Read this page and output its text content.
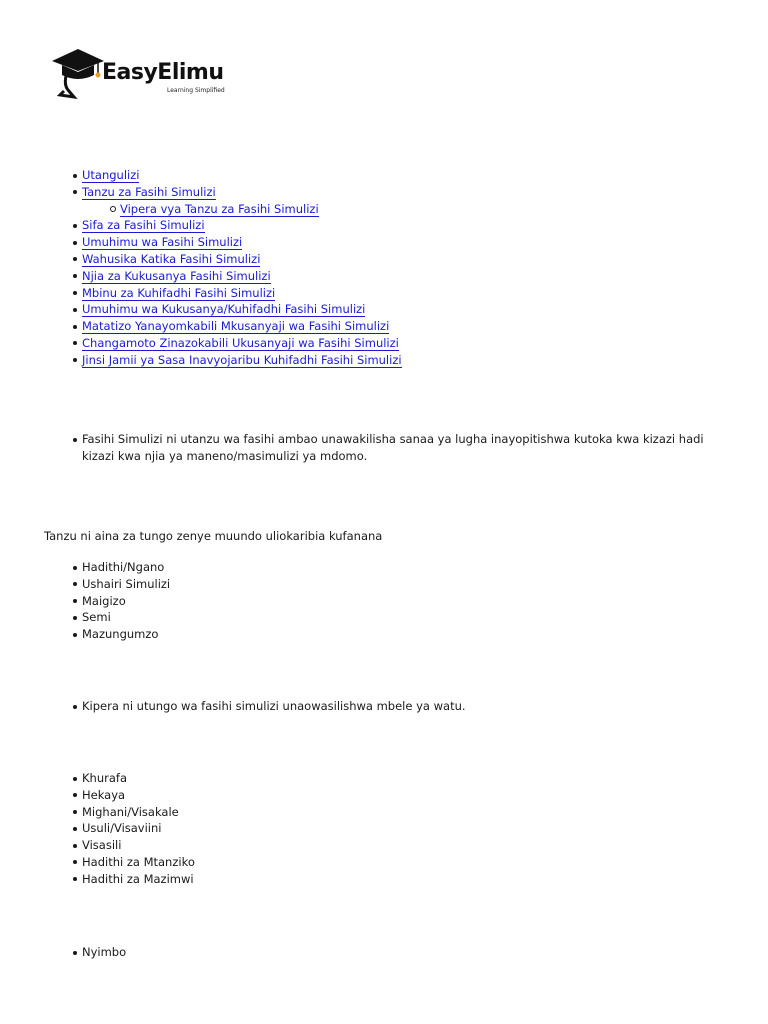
EasyElimu
Learning Simplified
Utangulizi
Tanzu za Fasihi Simulizi
Vipera vya Tanzu za Fasihi Simulizi
Sifa za Fasihi Simulizi
Umuhimu wa Fasihi Simulizi
Wahusika Katika Fasihi Simulizi
Njia za Kukusanya Fasihi Simulizi
Mbinu za Kuhifadhi Fasihi Simulizi
Umuhimu wa Kukusanya/Kuhifadhi Fasihi Simulizi
Matatizo Yanayomkabili Mkusanyaji wa Fasihi Simulizi
Changamoto Zinazokabili Ukusanyaji wa Fasihi Simulizi
Jinsi Jamii ya Sasa Inavyojaribu Kuhifadhi Fasihi Simulizi
Fasihi Simulizi ni utanzu wa fasihi ambao unawakilisha sanaa ya lugha inayopitishwa kutoka kwa kizazi hadi kizazi kwa njia ya maneno/masimulizi ya mdomo.

Tanzu ni aina za tungo zenye muundo uliokaribia kufanana

Hadithi/Ngano
Ushairi Simulizi
Maigizo
Semi
Mazungumzo
Kipera ni utungo wa fasihi simulizi unaowasilishwa mbele ya watu.
Khurafa
Hekaya
Mighani/Visakale
Usuli/Visaviini
Visasili
Hadithi za Mtanziko
Hadithi za Mazimwi
Nyimbo
